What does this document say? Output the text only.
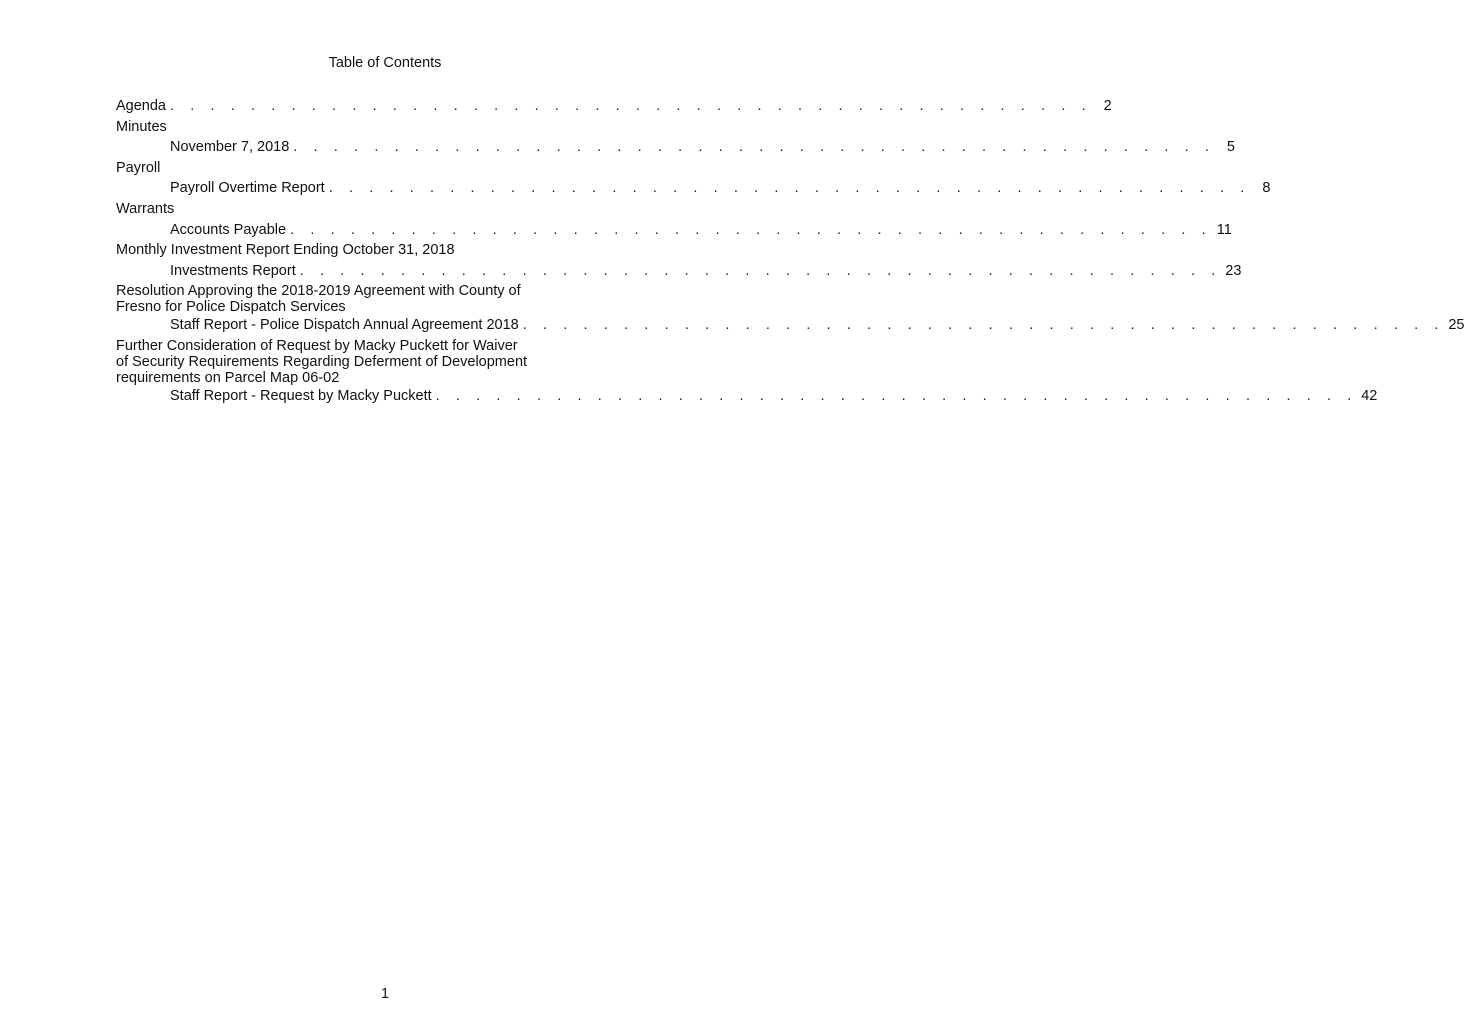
Table of Contents
Agenda . . . . . . . . . . . . . . . . . . . . . . . . . . . . . . . . . . . . . . . . . . . . . . 2
Minutes
November 7, 2018 . . . . . . . . . . . . . . . . . . . . . . . . . . . . . . . . . . . . . . . . . . . . . . 5
Payroll
Payroll Overtime Report . . . . . . . . . . . . . . . . . . . . . . . . . . . . . . . . . . . . . . . . . . . . . . 8
Warrants
Accounts Payable . . . . . . . . . . . . . . . . . . . . . . . . . . . . . . . . . . . . . . . . . . . . . . 11
Monthly Investment Report Ending October 31, 2018
Investments Report . . . . . . . . . . . . . . . . . . . . . . . . . . . . . . . . . . . . . . . . . . . . . . 23
Resolution Approving the 2018-2019 Agreement with County of
Fresno for Police Dispatch Services
Staff Report - Police Dispatch Annual Agreement 2018 . . . . . . . . . . . . . . . . . . . . . . . . . . . . . . . . . . . . . . . . . . . . . . 25
Further Consideration of Request by Macky Puckett for Waiver
of Security Requirements Regarding Deferment of Development
requirements on Parcel Map 06-02
Staff Report - Request by Macky Puckett . . . . . . . . . . . . . . . . . . . . . . . . . . . . . . . . . . . . . . . . . . . . . . 42
1
